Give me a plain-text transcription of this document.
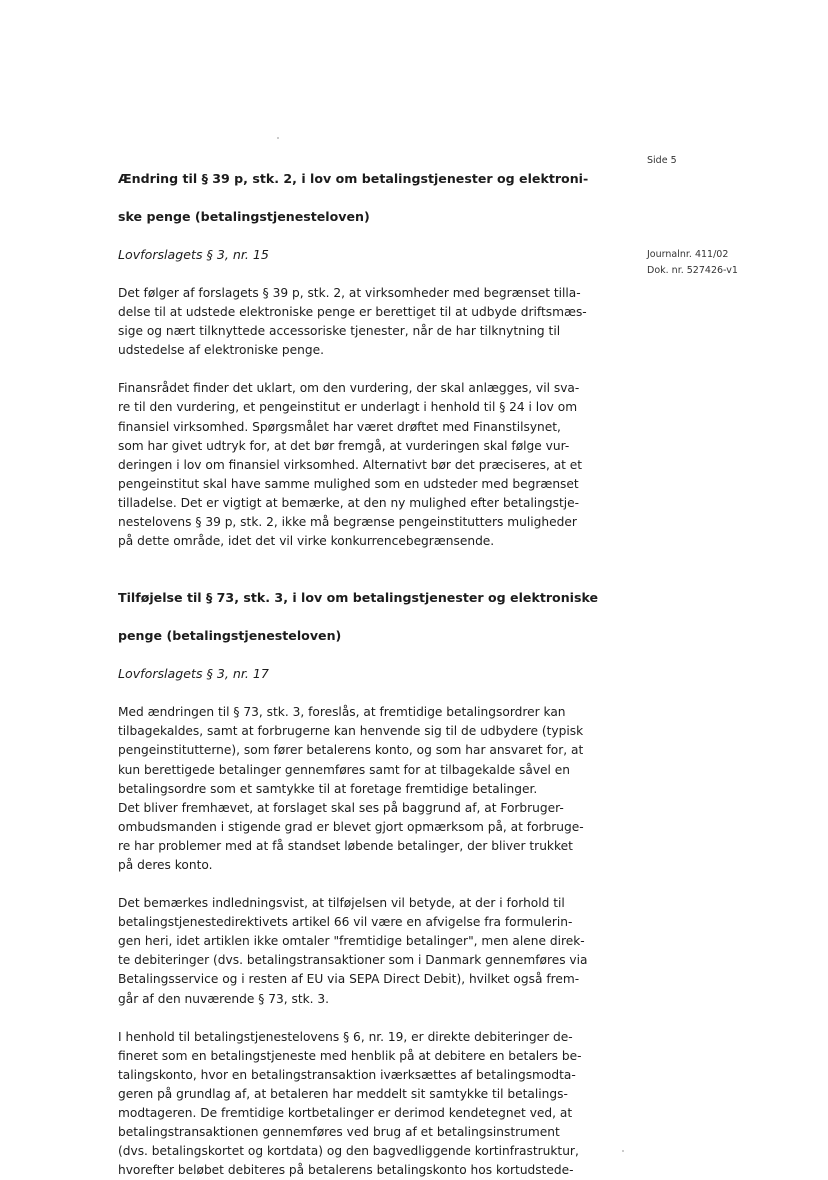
Side 5
Journalnr. 411/02
Dok. nr. 527426-v1

Ændring til § 39 p, stk. 2, i lov om betalingstjenester og elektroni-

ske penge (betalingstjenesteloven)

Lovforslagets § 3, nr. 15

Det følger af forslagets § 39 p, stk. 2, at virksomheder med begrænset tilla-
delse til at udstede elektroniske penge er berettiget til at udbyde driftsmæs-
sige og nært tilknyttede accessoriske tjenester, når de har tilknytning til
udstedelse af elektroniske penge.

Finansrådet finder det uklart, om den vurdering, der skal anlægges, vil sva-
re til den vurdering, et pengeinstitut er underlagt i henhold til § 24 i lov om
finansiel virksomhed. Spørgsmålet har været drøftet med Finanstilsynet,
som har givet udtryk for, at det bør fremgå, at vurderingen skal følge vur-
deringen i lov om finansiel virksomhed. Alternativt bør det præciseres, at et
pengeinstitut skal have samme mulighed som en udsteder med begrænset
tilladelse. Det er vigtigt at bemærke, at den ny mulighed efter betalingstje-
nestelovens § 39 p, stk. 2, ikke må begrænse pengeinstitutters muligheder
på dette område, idet det vil virke konkurrencebegrænsende.

Tilføjelse til § 73, stk. 3, i lov om betalingstjenester og elektroniske

penge (betalingstjenesteloven)

Lovforslagets § 3, nr. 17

Med ændringen til § 73, stk. 3, foreslås, at fremtidige betalingsordrer kan
tilbagekaldes, samt at forbrugerne kan henvende sig til de udbydere (typisk
pengeinstitutterne), som fører betalerens konto, og som har ansvaret for, at
kun berettigede betalinger gennemføres samt for at tilbagekalde såvel en
betalingsordre som et samtykke til at foretage fremtidige betalinger.
Det bliver fremhævet, at forslaget skal ses på baggrund af, at Forbruger-
ombudsmanden i stigende grad er blevet gjort opmærksom på, at forbruge-
re har problemer med at få standset løbende betalinger, der bliver trukket
på deres konto.

Det bemærkes indledningsvist, at tilføjelsen vil betyde, at der i forhold til
betalingstjenestedirektivets artikel 66 vil være en afvigelse fra formulerin-
gen heri, idet artiklen ikke omtaler "fremtidige betalinger", men alene direk-
te debiteringer (dvs. betalingstransaktioner som i Danmark gennemføres via
Betalingsservice og i resten af EU via SEPA Direct Debit), hvilket også frem-
går af den nuværende § 73, stk. 3.

I henhold til betalingstjenestelovens § 6, nr. 19, er direkte debiteringer de-
fineret som en betalingstjeneste med henblik på at debitere en betalers be-
talingskonto, hvor en betalingstransaktion iværksættes af betalingsmodta-
geren på grundlag af, at betaleren har meddelt sit samtykke til betalings-
modtageren. De fremtidige kortbetalinger er derimod kendetegnet ved, at
betalingstransaktionen gennemføres ved brug af et betalingsinstrument
(dvs. betalingskortet og kortdata) og den bagvedliggende kortinfrastruktur,
hvorefter beløbet debiteres på betalerens betalingskonto hos kortudstede-
